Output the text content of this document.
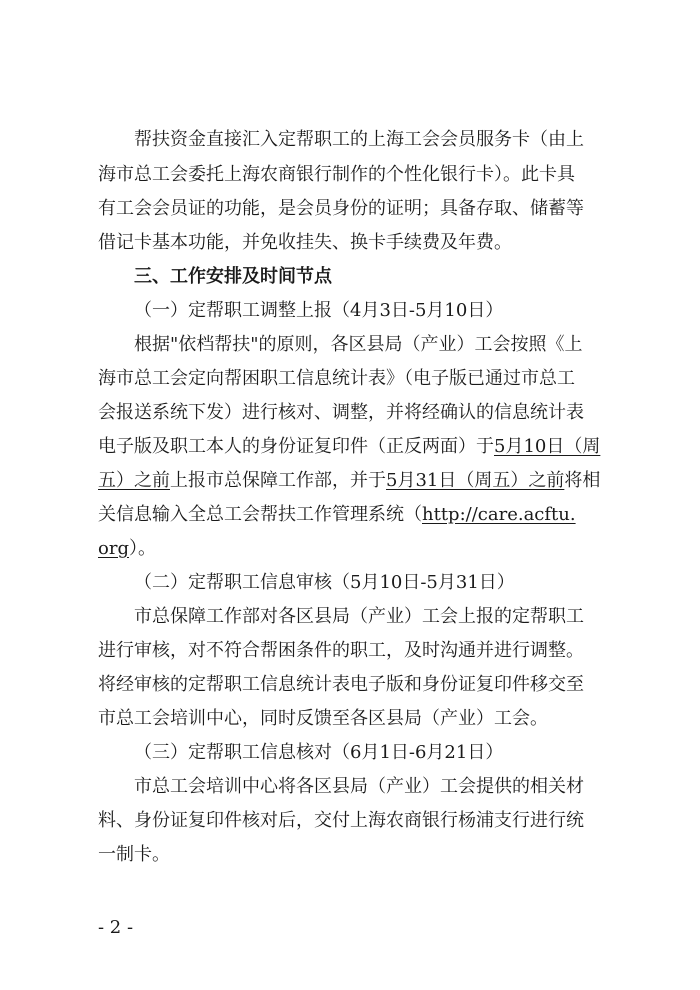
帮扶资金直接汇入定帮职工的上海工会会员服务卡（由上
海市总工会委托上海农商银行制作的个性化银行卡）。此卡具
有工会会员证的功能，是会员身份的证明；具备存取、储蓄等
借记卡基本功能，并免收挂失、换卡手续费及年费。
三、工作安排及时间节点
（一）定帮职工调整上报（4月3日-5月10日）
根据"依档帮扶"的原则，各区县局（产业）工会按照《上
海市总工会定向帮困职工信息统计表》（电子版已通过市总工
会报送系统下发）进行核对、调整，并将经确认的信息统计表
电子版及职工本人的身份证复印件（正反两面）于5月10日（周
五）之前上报市总保障工作部，并于5月31日（周五）之前将相
关信息输入全总工会帮扶工作管理系统（http://care.acftu.
org）。
（二）定帮职工信息审核（5月10日-5月31日）
市总保障工作部对各区县局（产业）工会上报的定帮职工
进行审核，对不符合帮困条件的职工，及时沟通并进行调整。
将经审核的定帮职工信息统计表电子版和身份证复印件移交至
市总工会培训中心，同时反馈至各区县局（产业）工会。
（三）定帮职工信息核对（6月1日-6月21日）
市总工会培训中心将各区县局（产业）工会提供的相关材
料、身份证复印件核对后，交付上海农商银行杨浦支行进行统
一制卡。
- 2 -
